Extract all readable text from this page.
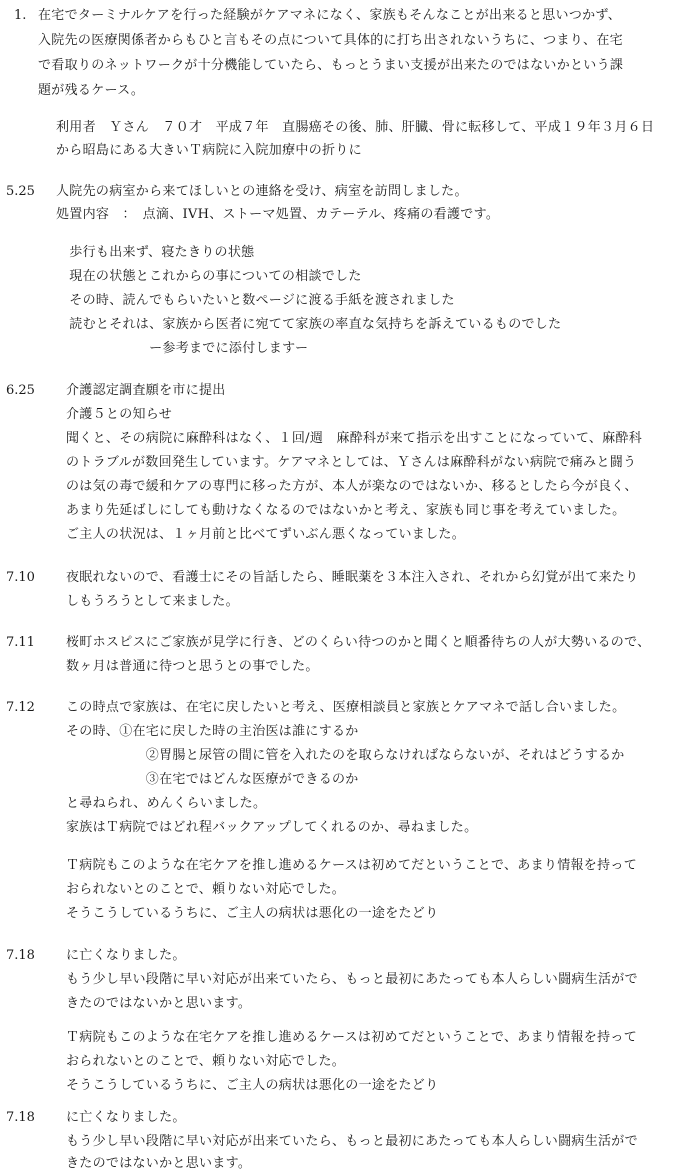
1. 在宅でターミナルケアを行った経験がケアマネになく、家族もそんなことが出来ると思いつかず、
入院先の医療関係者からもひと言もその点について具体的に打ち出されないうちに、つまり、在宅
で看取りのネットワークが十分機能していたら、もっとうまい支援が出来たのではないかという課
題が残るケース。
利用者　Ｙさん　７０才　平成７年　直腸癌その後、肺、肝臓、骨に転移して、平成１９年３月６日
から昭島にある大きいＴ病院に入院加療中の折りに
5.25 人院先の病室から来てほしいとの連絡を受け、病室を訪問しました。
処置内容　：　点滴、IVH、ストーマ処置、カテーテル、疼痛の看護です。
　歩行も出来ず、寝たきりの状態
　現在の状態とこれからの事についての相談でした
　その時、読んでもらいたいと数ページに渡る手紙を渡されました
　読むとそれは、家族から医者に宛てて家族の率直な気持ちを訴えているものでした
　　　　　　　ー参考までに添付しますー
6.25 介護認定調査願を市に提出
介護５との知らせ
聞くと、その病院に麻酔科はなく、１回/週　麻酔科が来て指示を出すことになっていて、麻酔科
のトラブルが数回発生しています。ケアマネとしては、Ｙさんは麻酔科がない病院で痛みと闘う
のは気の毒で緩和ケアの専門に移った方が、本人が楽なのではないか、移るとしたら今が良く、
あまり先延ばしにしても動けなくなるのではないかと考え、家族も同じ事を考えていました。
ご主人の状況は、１ヶ月前と比べてずいぶん悪くなっていました。
7.10 夜眠れないので、看護士にその旨話したら、睡眠薬を３本注入され、それから幻覚が出て来たり
しもうろうとして来ました。
7.11 桜町ホスピスにご家族が見学に行き、どのくらい待つのかと聞くと順番待ちの人が大勢いるので、
数ヶ月は普通に待つと思うとの事でした。
7.12 この時点で家族は、在宅に戻したいと考え、医療相談員と家族とケアマネで話し合いました。
その時、①在宅に戻した時の主治医は誰にするか
　　　　　　②胃腸と尿管の間に管を入れたのを取らなければならないが、それはどうするか
　　　　　　③在宅ではどんな医療ができるのか
と尋ねられ、めんくらいました。
家族はＴ病院ではどれ程バックアップしてくれるのか、尋ねました。
Ｔ病院もこのような在宅ケアを推し進めるケースは初めてだということで、あまり情報を持って
おられないとのことで、頼りない対応でした。
そうこうしているうちに、ご主人の病状は悪化の一途をたどり
7.18 に亡くなりました。
もう少し早い段階に早い対応が出来ていたら、もっと最初にあたっても本人らしい闘病生活がで
きたのではないかと思います。
Ｔ病院もこのような在宅ケアを推し進めるケースは初めてだということで、あまり情報を持って
おられないとのことで、頼りない対応でした。
そうこうしているうちに、ご主人の病状は悪化の一途をたどり
7.18 に亡くなりました。
もう少し早い段階に早い対応が出来ていたら、もっと最初にあたっても本人らしい闘病生活がで
きたのではないかと思います。
